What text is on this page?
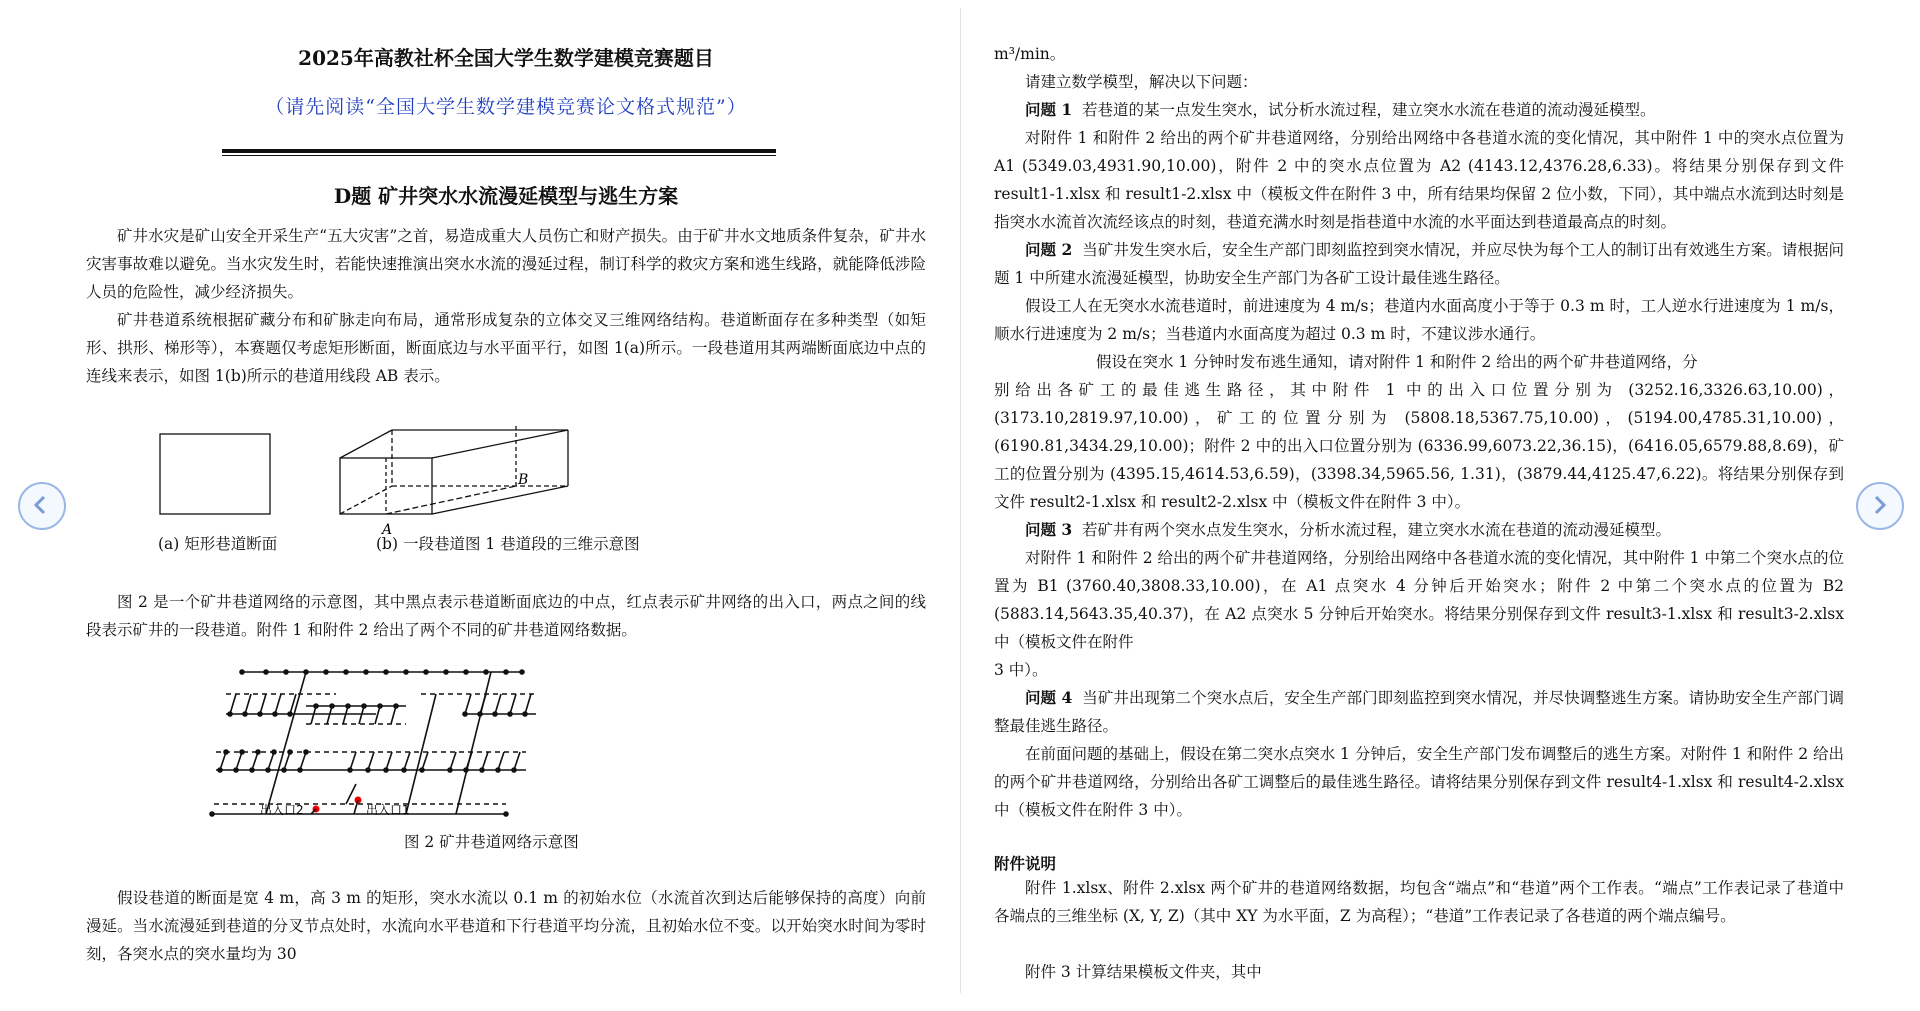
2025年高教社杯全国大学生数学建模竞赛题目
（请先阅读“全国大学生数学建模竞赛论文格式规范”）
D题 矿井突水水流漫延模型与逃生方案

矿井水灾是矿山安全开采生产“五大灾害”之首，易造成重大人员伤亡和财产损失。由于矿井水文地质条件复杂，矿井水灾害事故难以避免。当水灾发生时，若能快速推演出突水水流的漫延过程，制订科学的救灾方案和逃生线路，就能降低涉险人员的危险性，减少经济损失。

矿井巷道系统根据矿藏分布和矿脉走向布局，通常形成复杂的立体交叉三维网络结构。巷道断面存在多种类型（如矩形、拱形、梯形等），本赛题仅考虑矩形断面，断面底边与水平面平行，如图 1(a)所示。一段巷道用其两端断面底边中点的连线来表示，如图 1(b)所示的巷道用线段 AB 表示。

A
B
(a) 矩形巷道断面	(b) 一段巷道图 1 巷道段的三维示意图

图 2 是一个矿井巷道网络的示意图，其中黑点表示巷道断面底边的中点，红点表示矿井网络的出入口，两点之间的线段表示矿井的一段巷道。附件 1 和附件 2 给出了两个不同的矿井巷道网络数据。

出入口2	出入口1
图 2 矿井巷道网络示意图

假设巷道的断面是宽 4 m，高 3 m 的矩形，突水水流以 0.1 m 的初始水位（水流首次到达后能够保持的高度）向前漫延。当水流漫延到巷道的分叉节点处时，水流向水平巷道和下行巷道平均分流，且初始水位不变。以开始突水时间为零时刻，各突水点的突水量均为 30

m³/min。

请建立数学模型，解决以下问题：

问题 1 若巷道的某一点发生突水，试分析水流过程，建立突水水流在巷道的流动漫延模型。

对附件 1 和附件 2 给出的两个矿井巷道网络，分别给出网络中各巷道水流的变化情况，其中附件 1 中的突水点位置为 A1 (5349.03,4931.90,10.00)，附件 2 中的突水点位置为 A2 (4143.12,4376.28,6.33)。将结果分别保存到文件 result1-1.xlsx 和 result1-2.xlsx 中（模板文件在附件 3 中，所有结果均保留 2 位小数，下同），其中端点水流到达时刻是指突水水流首次流经该点的时刻，巷道充满水时刻是指巷道中水流的水平面达到巷道最高点的时刻。

问题 2 当矿井发生突水后，安全生产部门即刻监控到突水情况，并应尽快为每个工人的制订出有效逃生方案。请根据问题 1 中所建水流漫延模型，协助安全生产部门为各矿工设计最佳逃生路径。

假设工人在无突水水流巷道时，前进速度为 4 m/s；巷道内水面高度小于等于 0.3 m 时，工人逆水行进速度为 1 m/s，顺水行进速度为 2 m/s；当巷道内水面高度为超过 0.3 m 时，不建议涉水通行。

假设在突水 1 分钟时发布逃生通知，请对附件 1 和附件 2 给出的两个矿井巷道网络，分

别给出各矿工的最佳逃生路径，其中附件 1 中的出入口位置分别为 (3252.16,3326.63,10.00)，(3173.10,2819.97,10.00)，矿工的位置分别为 (5808.18,5367.75,10.00)，(5194.00,4785.31,10.00)，(6190.81,3434.29,10.00)；附件 2 中的出入口位置分别为 (6336.99,6073.22,36.15)，(6416.05,6579.88,8.69)，矿工的位置分别为 (4395.15,4614.53,6.59)，(3398.34,5965.56, 1.31)，(3879.44,4125.47,6.22)。将结果分别保存到文件 result2-1.xlsx 和 result2-2.xlsx 中（模板文件在附件 3 中）。

问题 3 若矿井有两个突水点发生突水，分析水流过程，建立突水水流在巷道的流动漫延模型。

对附件 1 和附件 2 给出的两个矿井巷道网络，分别给出网络中各巷道水流的变化情况，其中附件 1 中第二个突水点的位置为 B1 (3760.40,3808.33,10.00)，在 A1 点突水 4 分钟后开始突水；附件 2 中第二个突水点的位置为 B2 (5883.14,5643.35,40.37)，在 A2 点突水 5 分钟后开始突水。将结果分别保存到文件 result3-1.xlsx 和 result3-2.xlsx 中（模板文件在附件

3 中）。

问题 4 当矿井出现第二个突水点后，安全生产部门即刻监控到突水情况，并尽快调整逃生方案。请协助安全生产部门调整最佳逃生路径。

在前面问题的基础上，假设在第二突水点突水 1 分钟后，安全生产部门发布调整后的逃生方案。对附件 1 和附件 2 给出的两个矿井巷道网络，分别给出各矿工调整后的最佳逃生路径。请将结果分别保存到文件 result4-1.xlsx 和 result4-2.xlsx 中（模板文件在附件 3 中）。

附件说明

附件 1.xlsx、附件 2.xlsx 两个矿井的巷道网络数据，均包含“端点”和“巷道”两个工作表。“端点”工作表记录了巷道中各端点的三维坐标 (X, Y, Z)（其中 XY 为水平面，Z 为高程）；“巷道”工作表记录了各巷道的两个端点编号。

附件 3 计算结果模板文件夹，其中
